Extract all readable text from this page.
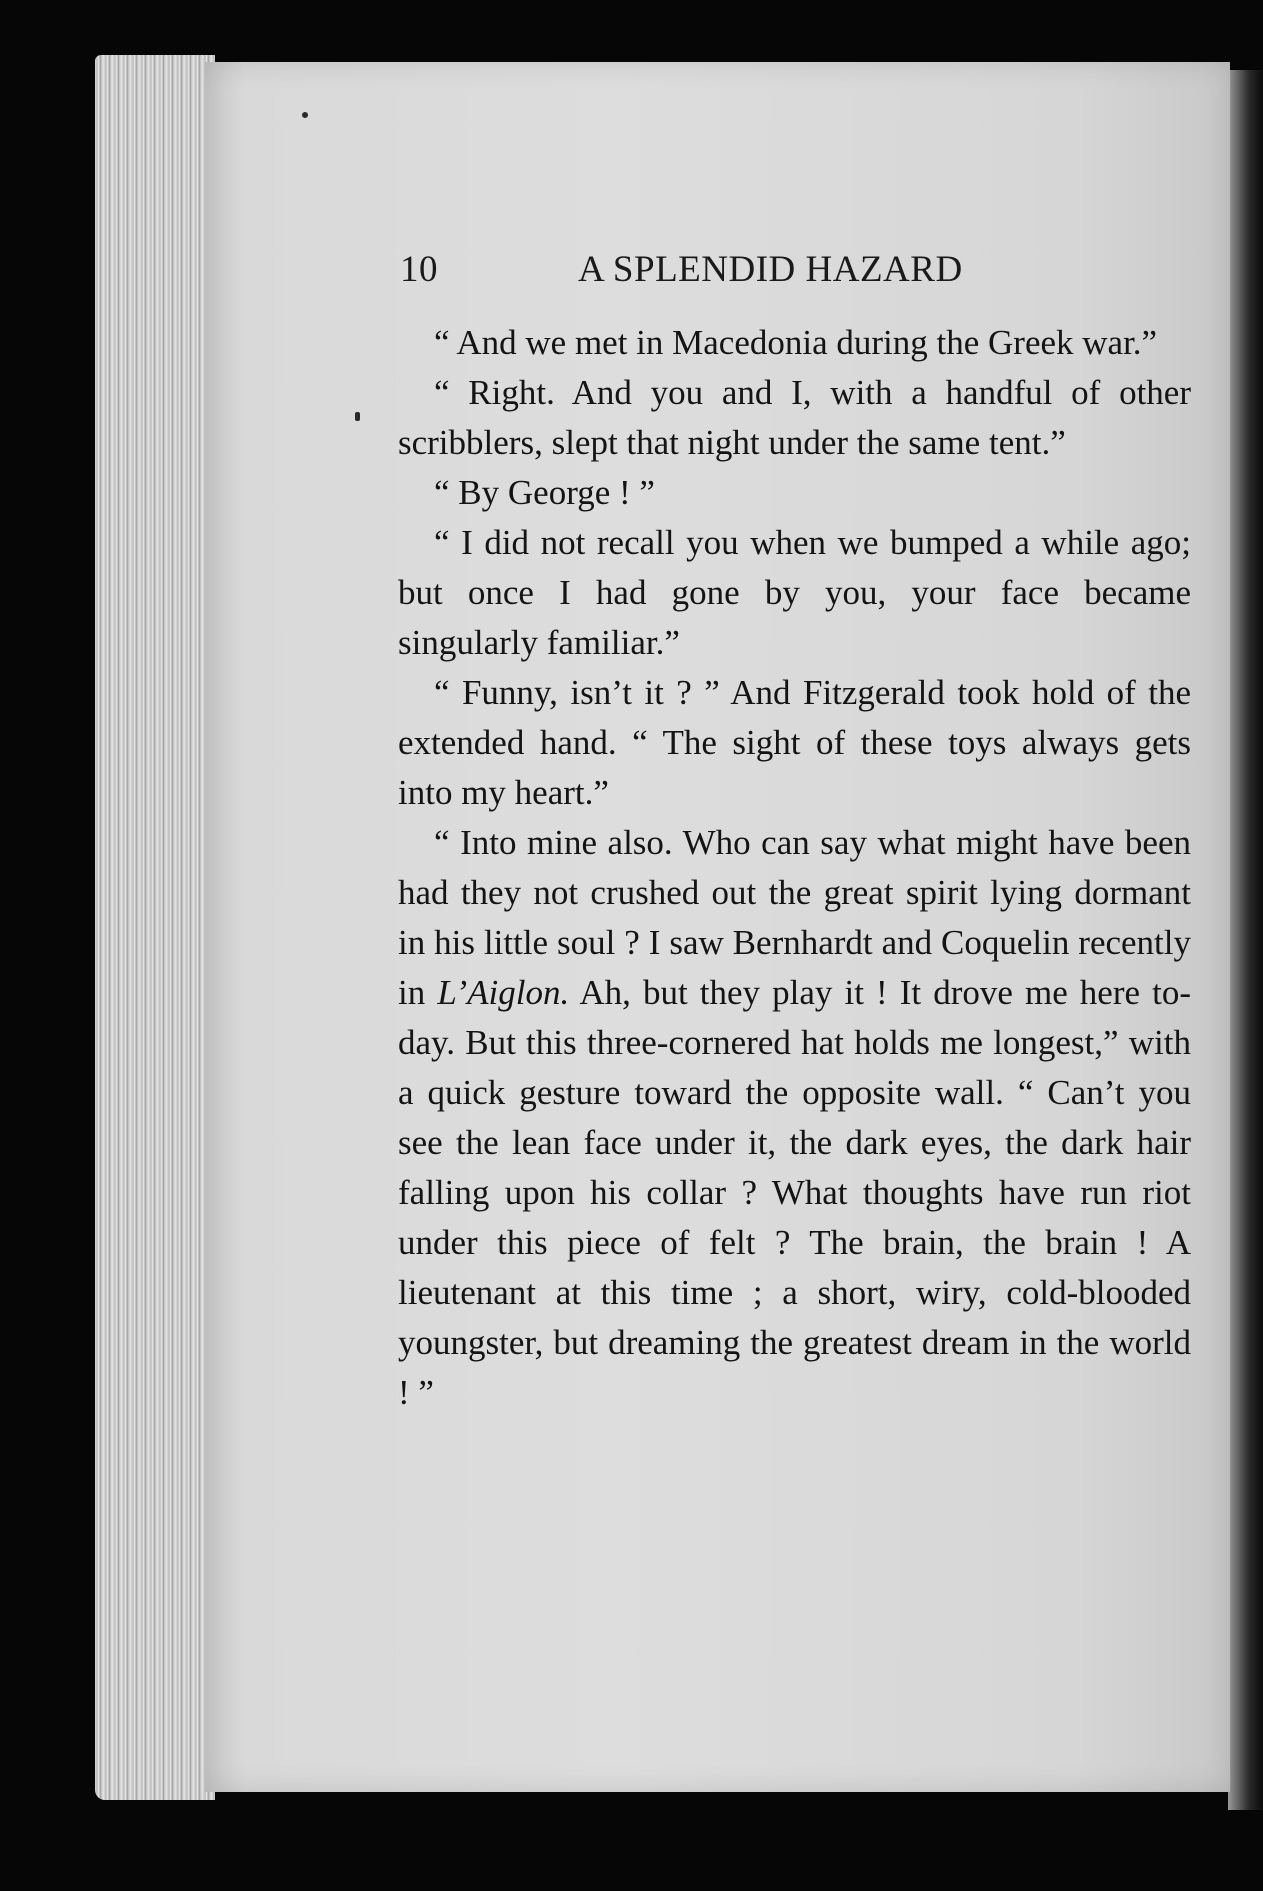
10	A SPLENDID HAZARD

“ And we met in Macedonia during the Greek war.”

“ Right. And you and I, with a handful of other scribblers, slept that night under the same tent.”

“ By George ! ”

“ I did not recall you when we bumped a while ago; but once I had gone by you, your face became singularly familiar.”

“ Funny, isn’t it ? ” And Fitzgerald took hold of the extended hand. “ The sight of these toys always gets into my heart.”

“ Into mine also. Who can say what might have been had they not crushed out the great spirit lying dormant in his little soul ? I saw Bernhardt and Coquelin recently in L’Aiglon. Ah, but they play it ! It drove me here to-day. But this three-cornered hat holds me longest,” with a quick gesture toward the opposite wall. “ Can’t you see the lean face under it, the dark eyes, the dark hair falling upon his collar ? What thoughts have run riot under this piece of felt ? The brain, the brain ! A lieutenant at this time ; a short, wiry, cold-blooded youngster, but dreaming the greatest dream in the world ! ”
